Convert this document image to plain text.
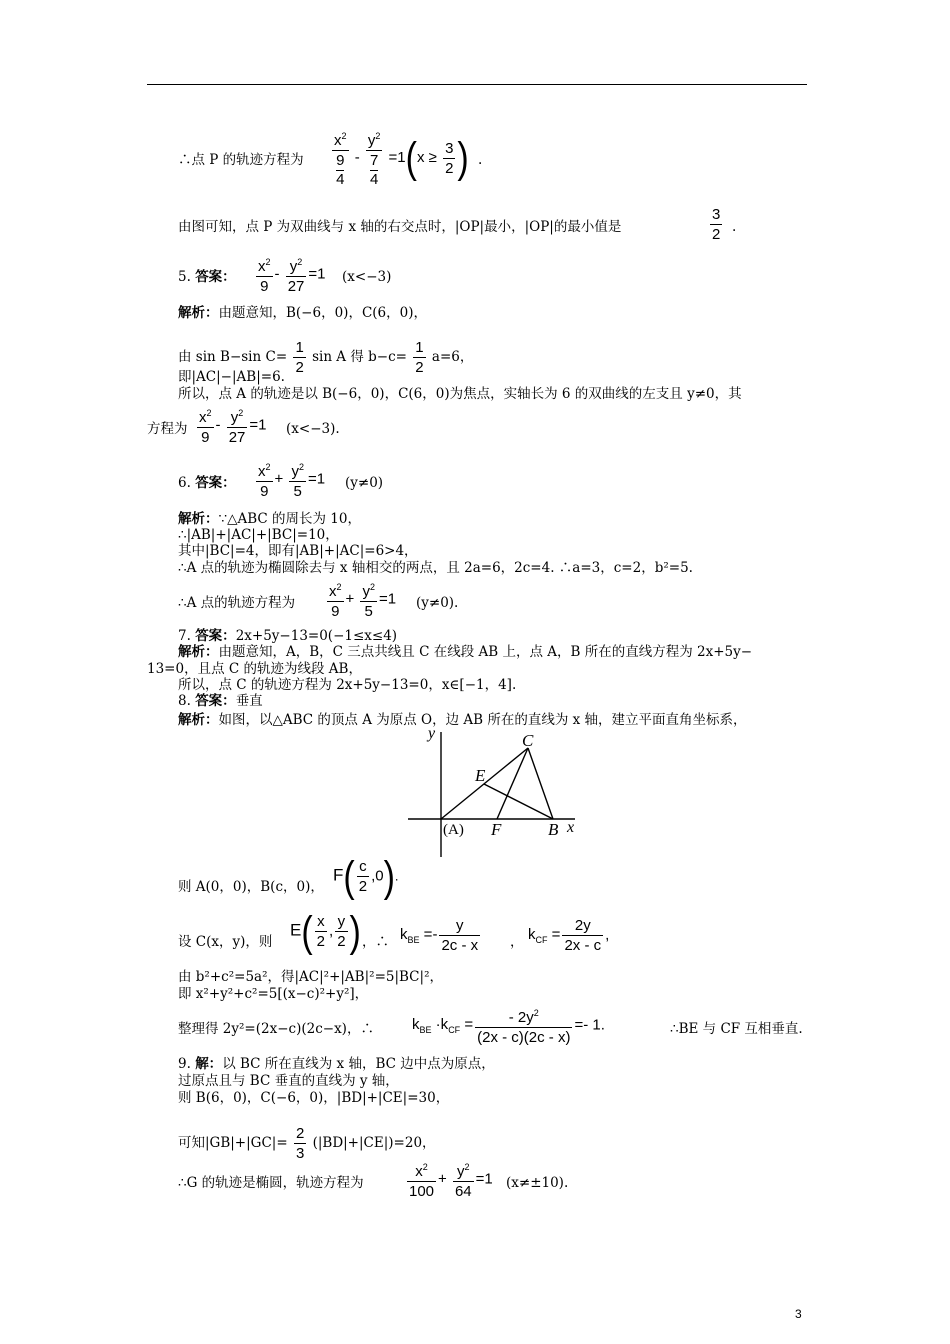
∴点 P 的轨迹方程为
$x^2$
9
4
-
$y^2$
7
4
$=1(x \ge \frac{3}{2}$ ) .
由图可知，点 P 为双曲线与 x 轴的右交点时，|OP|最小，|OP|的最小值是	$\frac{3}{2}$ .
5. 答案： $\frac{x^2}{9} - \frac{y^2}{27} =1$ (x<−3)
解析：由题意知，B(−6，0)，C(6，0)，
由 sin B−sin $C= \frac{1}{2}$ sin A 得 $b-c= \frac{1}{2} a=6$，
即|AC|−|AB|=6.
所以，点 A 的轨迹是以 B(−6，0)，C(6，0)为焦点，实轴长为 6 的双曲线的左支且 y≠0，其
方程为 $\frac{x^2}{9} - \frac{y^2}{27} =1$ (x<−3).
6. 答案： $\frac{x^2}{9} + \frac{y^2}{5} =1$ (y≠0)
解析：∵△ABC 的周长为 10，
∴|AB|+|AC|+|BC|=10，
其中|BC|=4，即有|AB|+|AC|=6>4，
∴A 点的轨迹为椭圆除去与 x 轴相交的两点，且 2a=6，2c=4. ∴a=3，c=2，b²=5.
∴A 点的轨迹方程为 $\frac{x^2}{9} + \frac{y^2}{5} =1$ (y≠0).
7. 答案：2x+5y−13=0(−1≤x≤4)
解析：由题意知，A，B，C 三点共线且 C 在线段 AB 上，点 A，B 所在的直线方程为 2x+5y−
13=0，且点 C 的轨迹为线段 AB，
所以，点 C 的轨迹方程为 2x+5y−13=0，x∈[−1，4].
8. 答案：垂直
解析：如图，以△ABC 的顶点 A 为原点 O，边 AB 所在的直线为 x 轴，建立平面直角坐标系，
y
x
C
E
(A) F	B
则 A(0，0)，B(c，0)，
$F( \frac{c}{2} ,0)$.
设 C(x，y)，则
$E( \frac{x}{2}$ , $\frac{y}{2}$ ) ，∴ $k_{BE} =- \frac{y}{2c - x}$ ， $k_{CF} = \frac{2y}{2x - c}$ ,
由 b²+c²=5a²，得|AC|²+|AB|²=5|BC|²，
即 x²+y²+c²=5[(x−c)²+y²]，
整理得 2y²=(2x−c)(2c−x)，∴	$k_{BE} \cdot k_{CF} = \frac{- 2y^2}{(2x - c)(2c - x)} =- 1$.	∴BE 与 CF 互相垂直.
9. 解：以 BC 所在直线为 x 轴，BC 边中点为原点，
过原点且与 BC 垂直的直线为 y 轴，
则 B(6，0)，C(−6，0)，|BD|+|CE|=30，
可知$|GB|+|GC|= \frac{2}{3} (|BD|+|CE|)=20$，
∴G 的轨迹是椭圆，轨迹方程为	$\frac{x^2}{100} + \frac{y^2}{64} =1$ (x≠±10).
3
